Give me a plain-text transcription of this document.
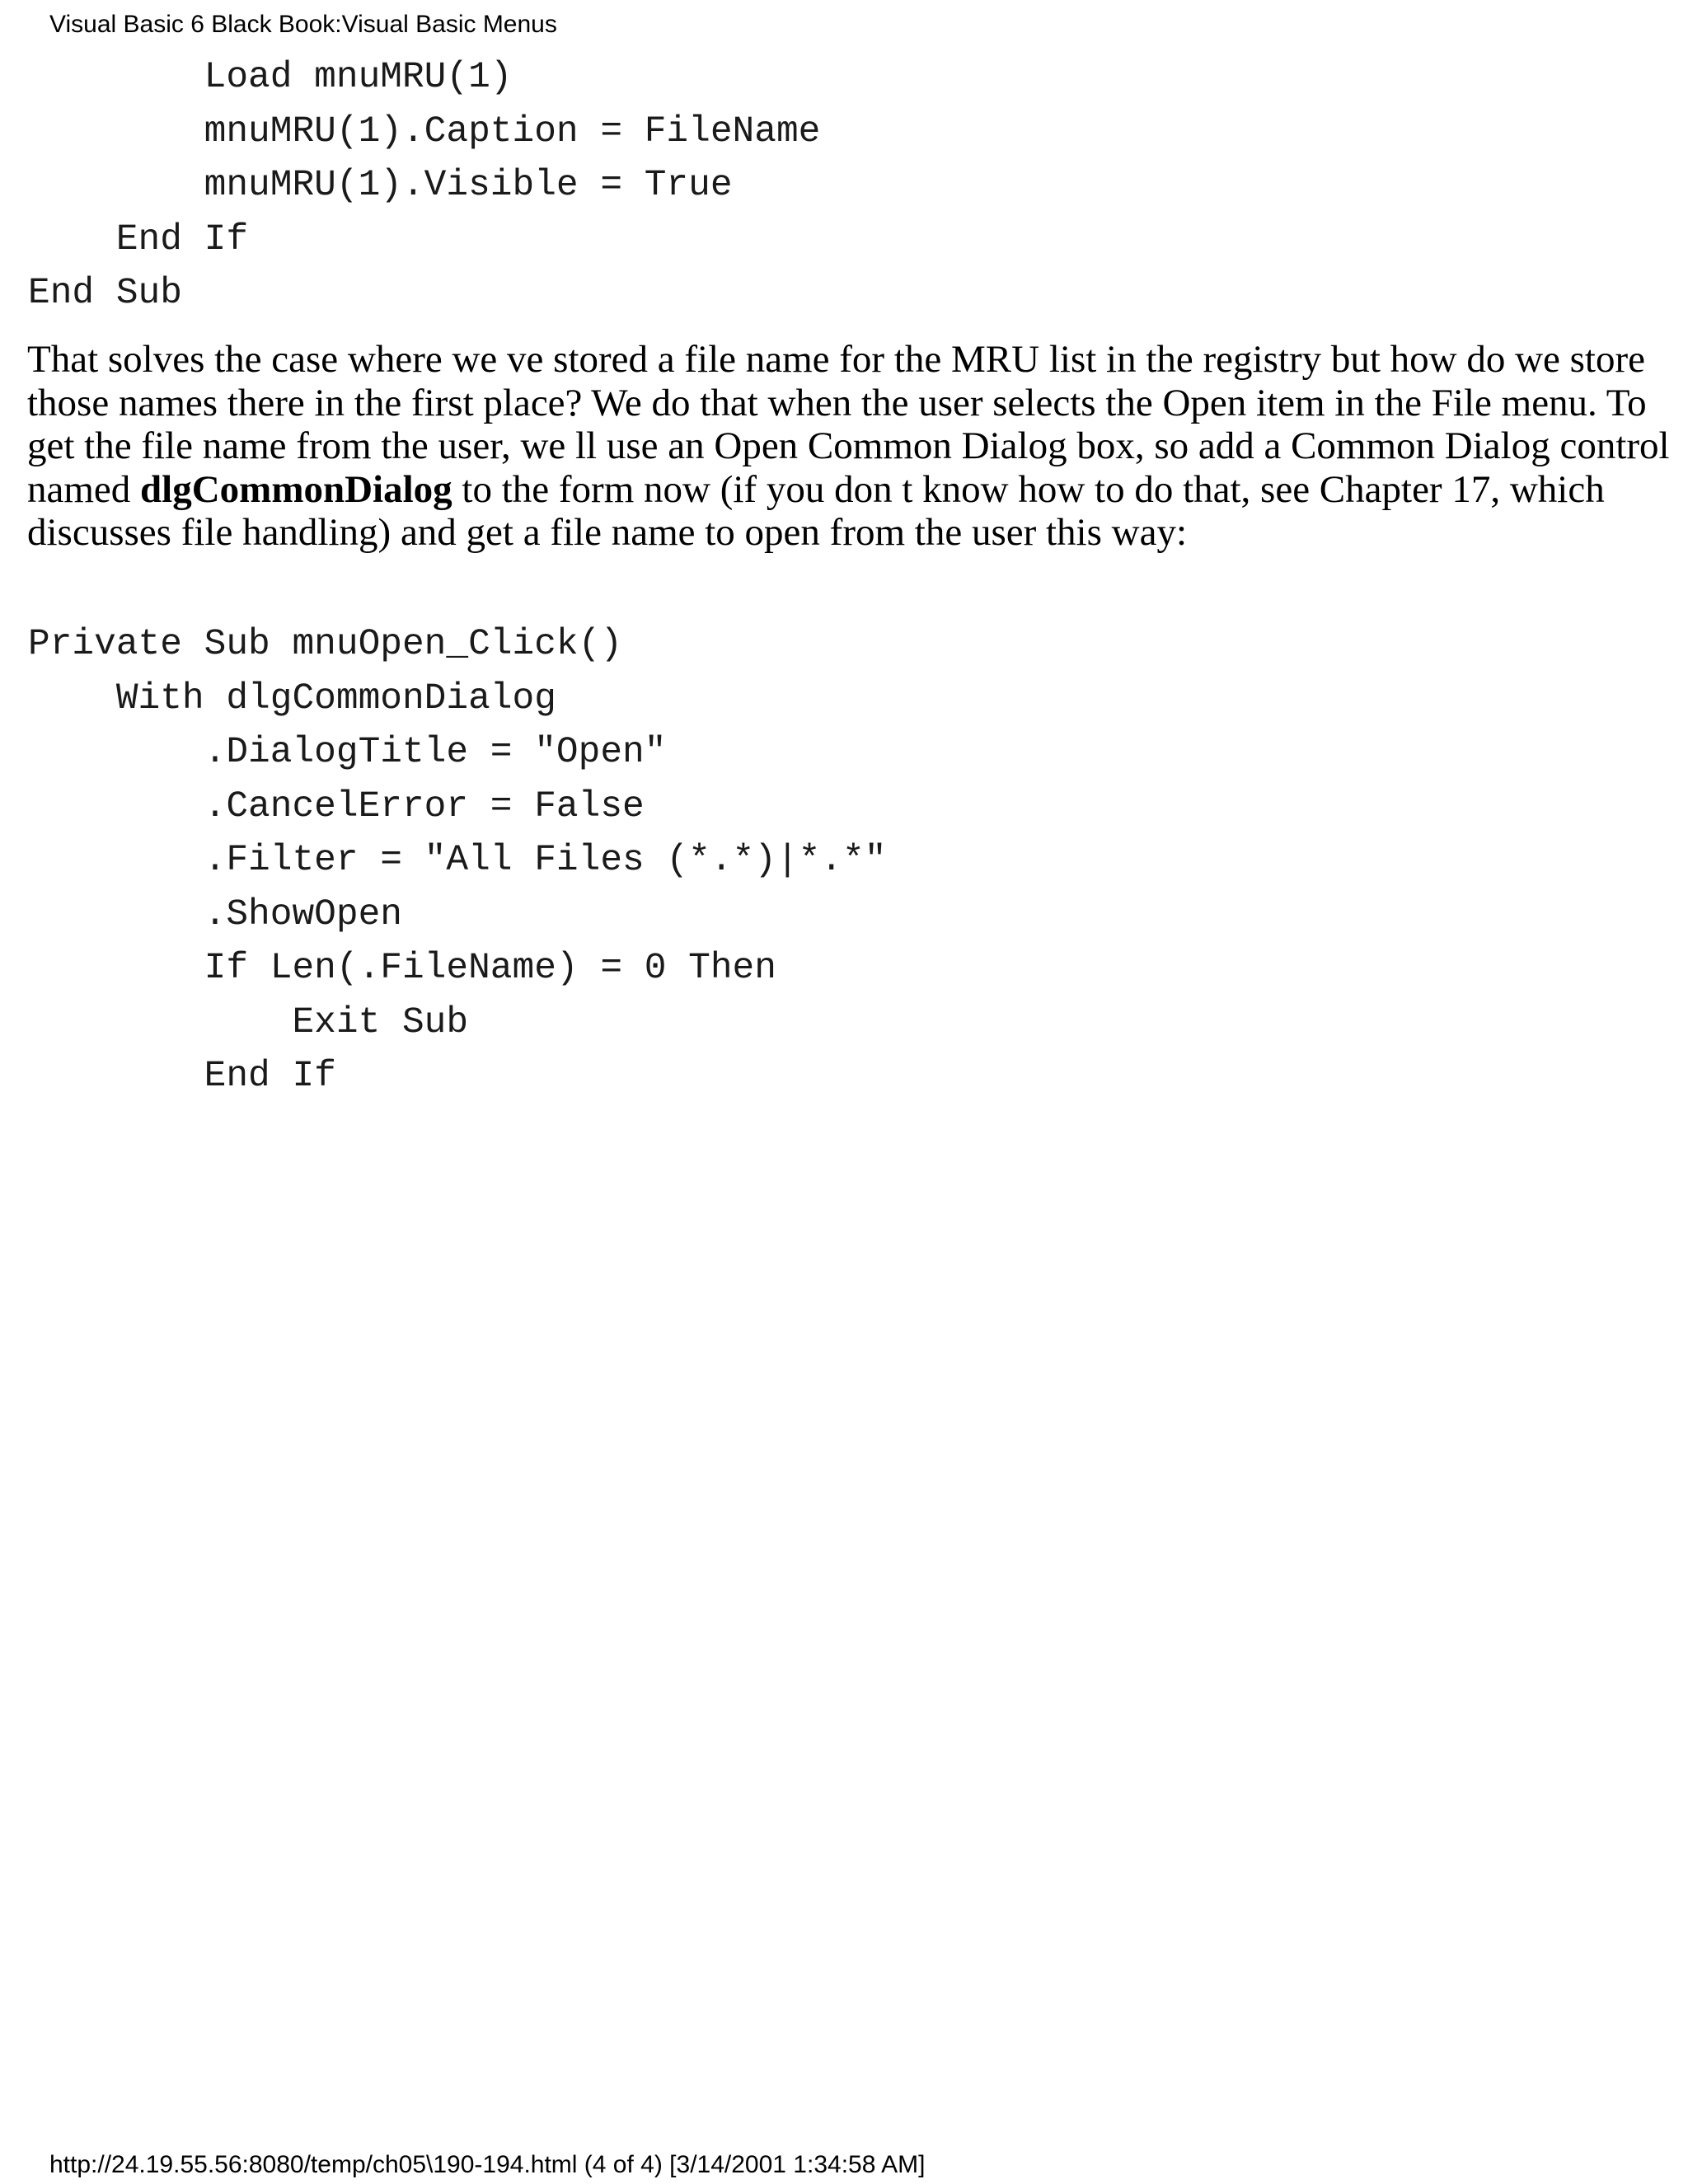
Visual Basic 6 Black Book:Visual Basic Menus
Load mnuMRU(1)
mnuMRU(1).Caption = FileName
mnuMRU(1).Visible = True
End If
End Sub

That solves the case where we ve stored a file name for the MRU list in the registry but how do we store
those names there in the first place? We do that when the user selects the Open item in the File menu. To
get the file name from the user, we ll use an Open Common Dialog box, so add a Common Dialog control
named dlgCommonDialog to the form now (if you don t know how to do that, see Chapter 17, which
discusses file handling) and get a file name to open from the user this way:

Private Sub mnuOpen_Click()
With dlgCommonDialog
.DialogTitle = "Open"
.CancelError = False
.Filter = "All Files (*.*)|*.*"
.ShowOpen
If Len(.FileName) = 0 Then
Exit Sub
End If
http://24.19.55.56:8080/temp/ch05\190-194.html (4 of 4) [3/14/2001 1:34:58 AM]
